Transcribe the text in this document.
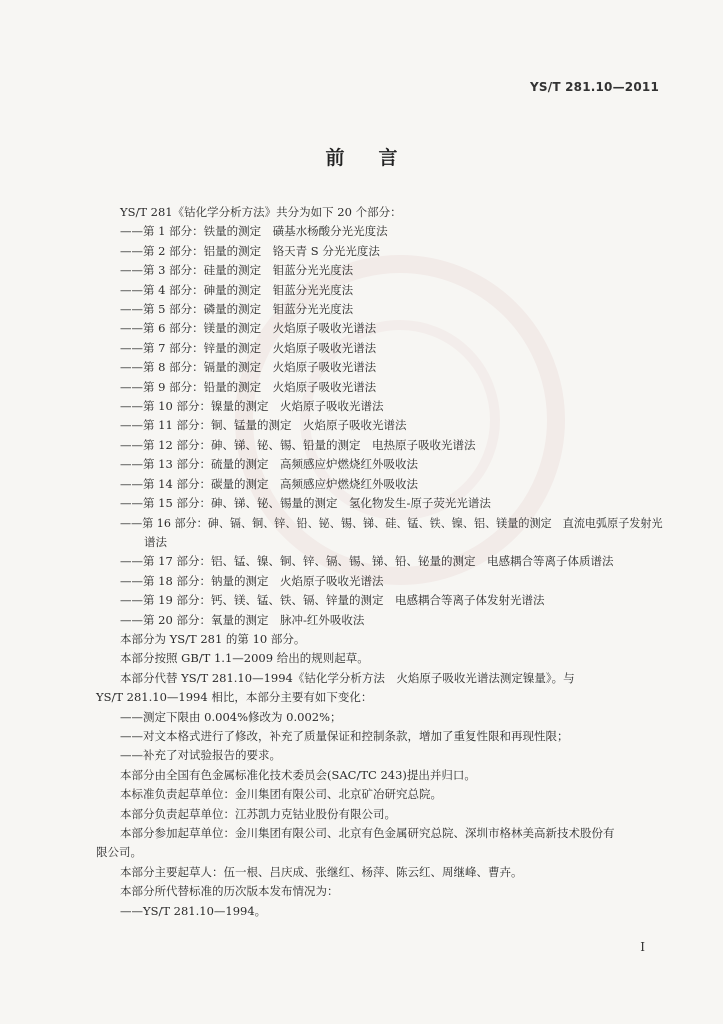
YS/T 281.10—2011
前言
YS/T 281《钴化学分析方法》共分为如下 20 个部分：
——第 1 部分：铁量的测定　磺基水杨酸分光光度法
——第 2 部分：铝量的测定　铬天青 S 分光光度法
——第 3 部分：硅量的测定　钼蓝分光光度法
——第 4 部分：砷量的测定　钼蓝分光光度法
——第 5 部分：磷量的测定　钼蓝分光光度法
——第 6 部分：镁量的测定　火焰原子吸收光谱法
——第 7 部分：锌量的测定　火焰原子吸收光谱法
——第 8 部分：镉量的测定　火焰原子吸收光谱法
——第 9 部分：铅量的测定　火焰原子吸收光谱法
——第 10 部分：镍量的测定　火焰原子吸收光谱法
——第 11 部分：铜、锰量的测定　火焰原子吸收光谱法
——第 12 部分：砷、锑、铋、锡、铅量的测定　电热原子吸收光谱法
——第 13 部分：硫量的测定　高频感应炉燃烧红外吸收法
——第 14 部分：碳量的测定　高频感应炉燃烧红外吸收法
——第 15 部分：砷、锑、铋、锡量的测定　氢化物发生-原子荧光光谱法
——第 16 部分：砷、镉、铜、锌、铅、铋、锡、锑、硅、锰、铁、镍、铝、镁量的测定　直流电弧原子发射光
谱法
——第 17 部分：铝、锰、镍、铜、锌、镉、锡、锑、铅、铋量的测定　电感耦合等离子体质谱法
——第 18 部分：钠量的测定　火焰原子吸收光谱法
——第 19 部分：钙、镁、锰、铁、镉、锌量的测定　电感耦合等离子体发射光谱法
——第 20 部分：氧量的测定　脉冲-红外吸收法
本部分为 YS/T 281 的第 10 部分。
本部分按照 GB/T 1.1—2009 给出的规则起草。
本部分代替 YS/T 281.10—1994《钴化学分析方法　火焰原子吸收光谱法测定镍量》。与
YS/T 281.10—1994 相比，本部分主要有如下变化：
——测定下限由 0.004%修改为 0.002%；
——对文本格式进行了修改，补充了质量保证和控制条款，增加了重复性限和再现性限；
——补充了对试验报告的要求。
本部分由全国有色金属标准化技术委员会(SAC/TC 243)提出并归口。
本标准负责起草单位：金川集团有限公司、北京矿冶研究总院。
本部分负责起草单位：江苏凯力克钴业股份有限公司。
本部分参加起草单位：金川集团有限公司、北京有色金属研究总院、深圳市格林美高新技术股份有
限公司。
本部分主要起草人：伍一根、吕庆成、张继红、杨萍、陈云红、周继峰、曹卉。
本部分所代替标准的历次版本发布情况为：
——YS/T 281.10—1994。
I
